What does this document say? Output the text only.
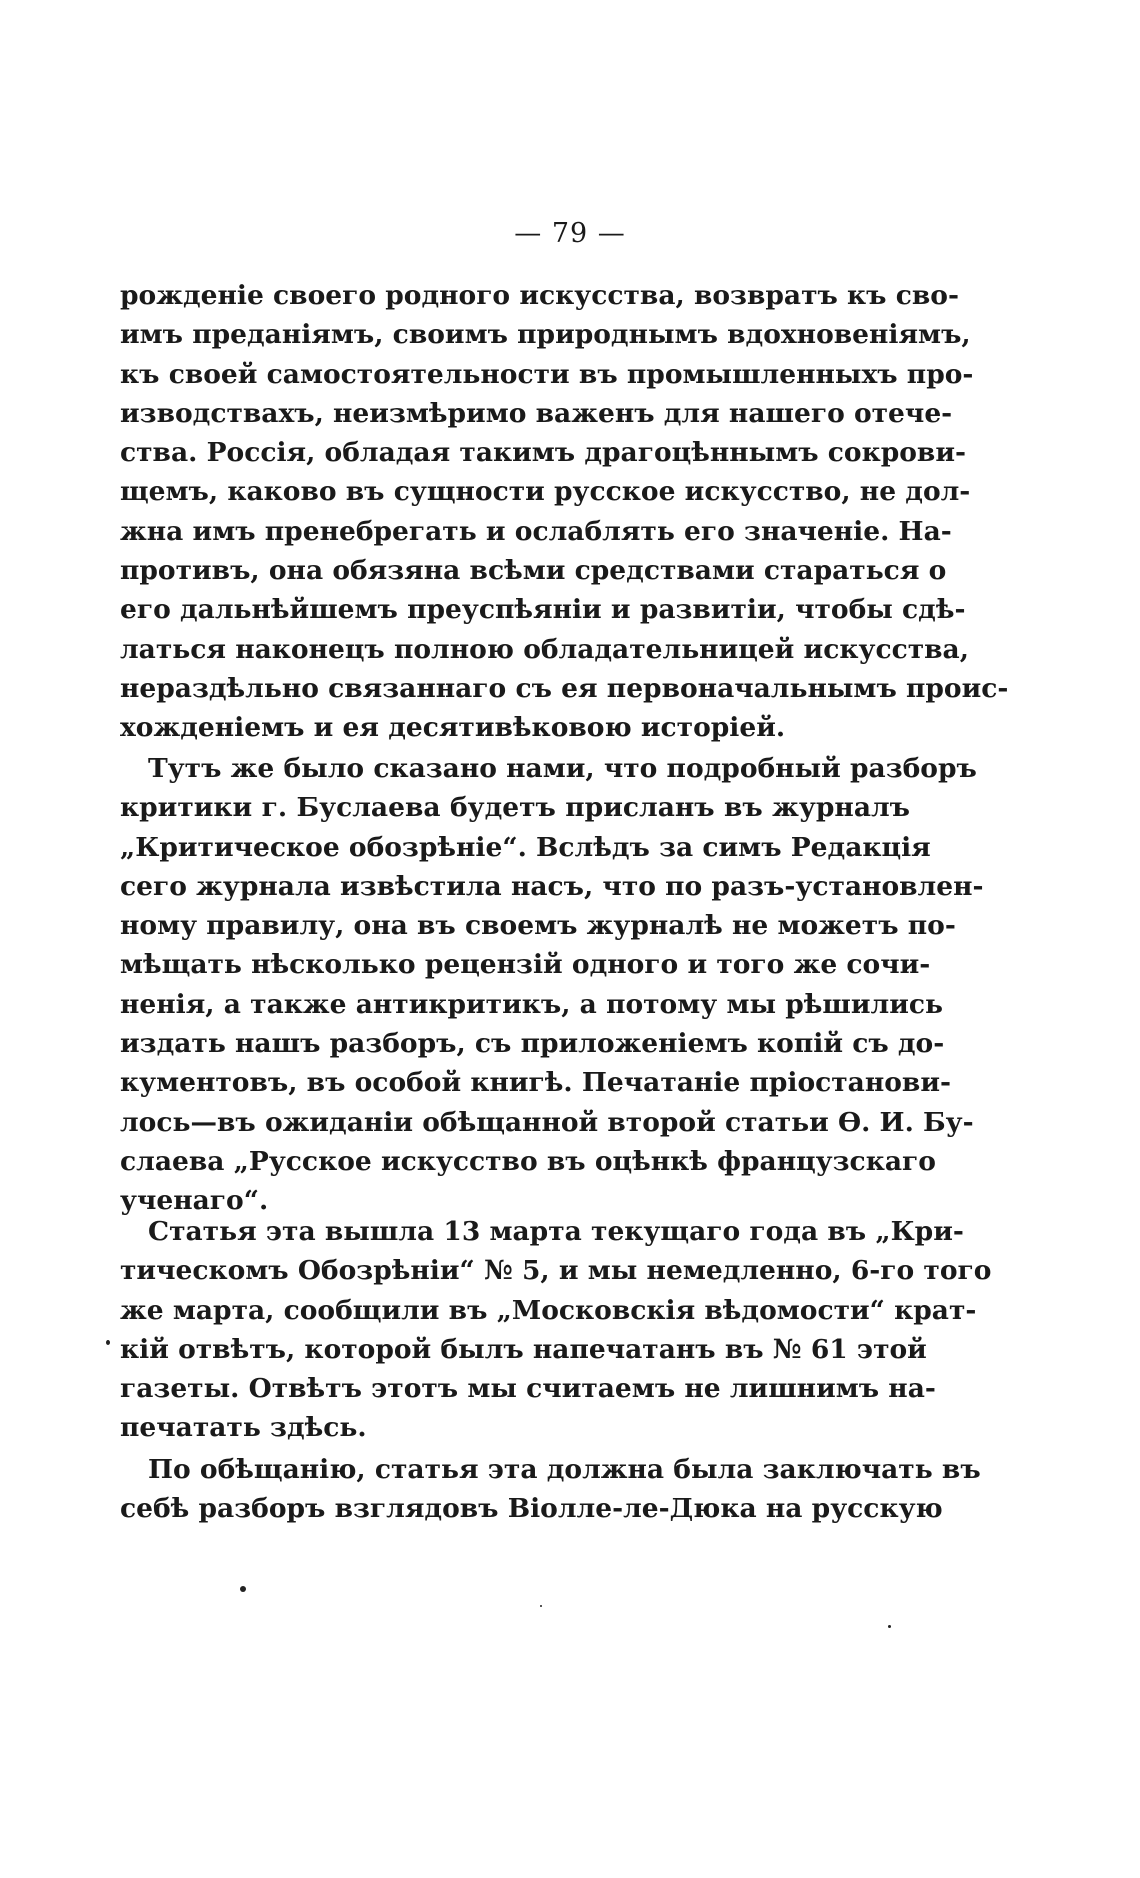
— 79 —
рожденіе своего родного искусства, возвратъ къ сво-
имъ преданіямъ, своимъ природнымъ вдохновеніямъ,
къ своей самостоятельности въ промышленныхъ про-
изводствахъ, неизмѣримо важенъ для нашего отече-
ства. Россія, обладая такимъ драгоцѣннымъ сокрови-
щемъ, каково въ сущности русское искусство, не дол-
жна имъ пренебрегать и ослаблять его значеніе. На-
противъ, она обязяна всѣми средствами стараться о
его дальнѣйшемъ преуспѣяніи и развитіи, чтобы сдѣ-
латься наконецъ полною обладательницей искусства,
нераздѣльно связаннаго съ ея первоначальнымъ проис-
хожденіемъ и ея десятивѣковою исторіей.
Тутъ же было сказано нами, что подробный разборъ
критики г. Буслаева будетъ присланъ въ журналъ
„Критическое обозрѣніе“. Вслѣдъ за симъ Редакція
сего журнала извѣстила насъ, что по разъ-установлен-
ному правилу, она въ своемъ журналѣ не можетъ по-
мѣщать нѣсколько рецензій одного и того же сочи-
ненія, а также антикритикъ, а потому мы рѣшились
издать нашъ разборъ, съ приложеніемъ копій съ до-
кументовъ, въ особой книгѣ. Печатаніе пріостанови-
лось—въ ожиданіи обѣщанной второй статьи Ѳ. И. Бу-
слаева „Русское искусство въ оцѣнкѣ французскаго
ученаго“.
Статья эта вышла 13 марта текущаго года въ „Кри-
тическомъ Обозрѣніи“ № 5, и мы немедленно, 6-го того
же марта, сообщили въ „Московскія вѣдомости“ крат-
кій отвѣтъ, которой былъ напечатанъ въ № 61 этой
газеты. Отвѣтъ этотъ мы считаемъ не лишнимъ на-
печатать здѣсь.
По обѣщанію, статья эта должна была заключать въ
себѣ разборъ взглядовъ Віолле-ле-Дюка на русскую
